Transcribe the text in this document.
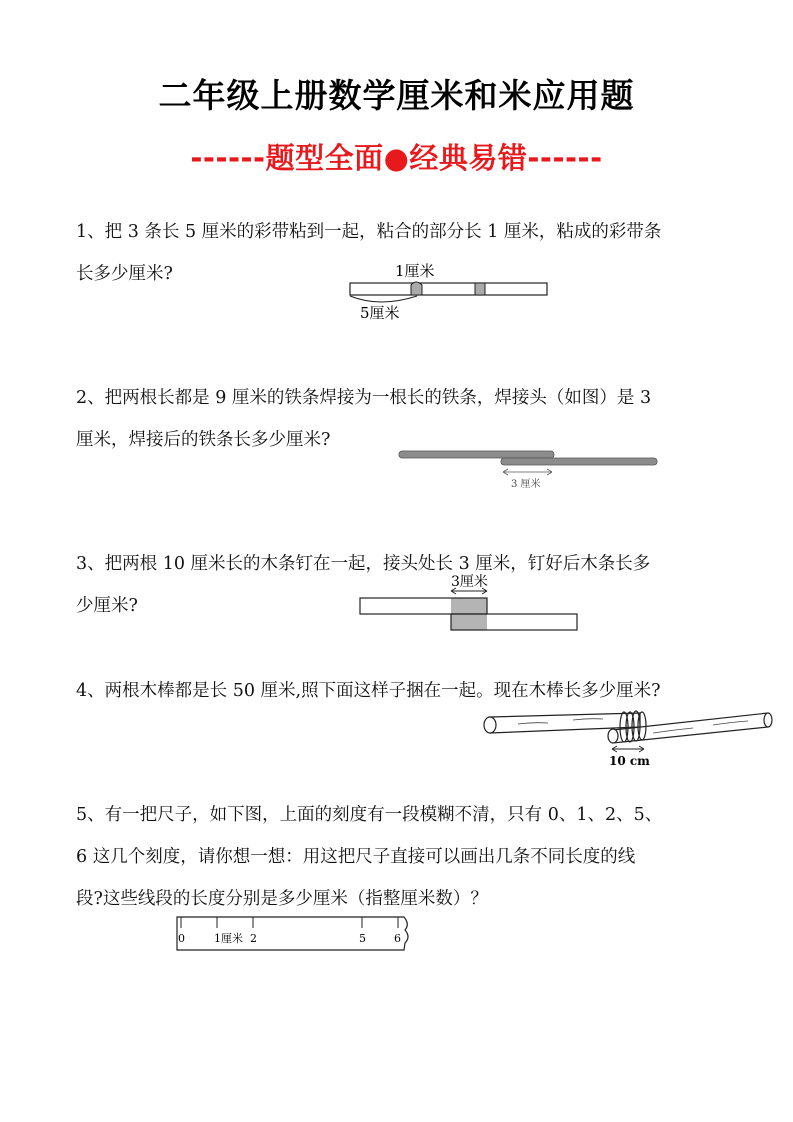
二年级上册数学厘米和米应用题
------题型全面●经典易错------
1、把 3 条长 5 厘米的彩带粘到一起，粘合的部分长 1 厘米，粘成的彩带条
长多少厘米?	1厘米
5厘米
2、把两根长都是 9 厘米的铁条焊接为一根长的铁条，焊接头（如图）是 3
厘米，焊接后的铁条长多少厘米?
3 厘米
3、把两根 10 厘米长的木条钉在一起，接头处长 3 厘米，钉好后木条长多
少厘米?
3厘米
4、两根木棒都是长 50 厘米,照下面这样子捆在一起。现在木棒长多少厘米?
10 cm
5、有一把尺子，如下图，上面的刻度有一段模糊不清，只有 0、1、2、5、
6 这几个刻度，请你想一想：用这把尺子直接可以画出几条不同长度的线
段?这些线段的长度分别是多少厘米（指整厘米数）？
0	1厘米 2	5	6
